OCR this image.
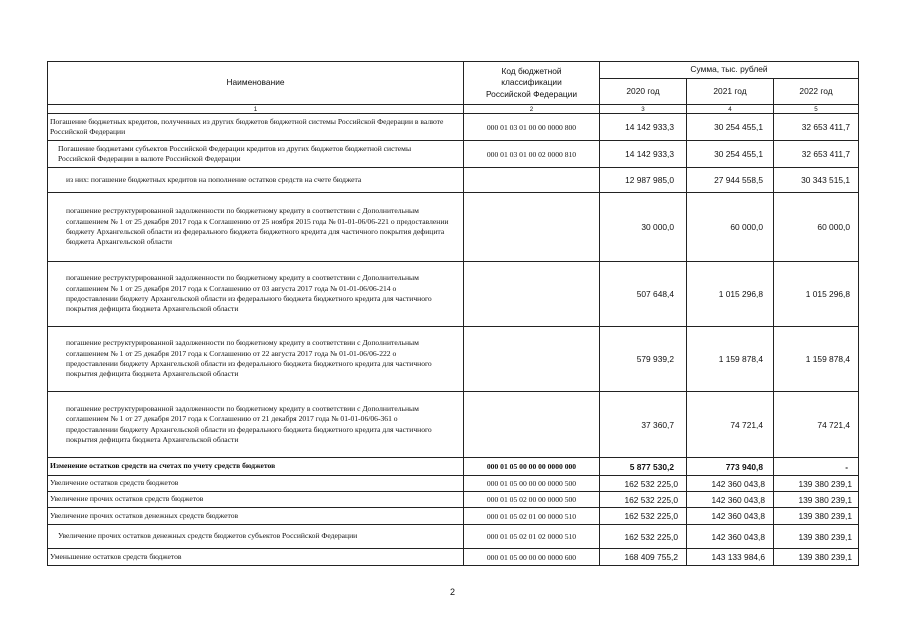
Наименование	Код бюджетной классификации Российской Федерации	Сумма, тыс. рублей		
		2020 год	2021 год	2022 год
1	2	3	4	5
Погашение бюджетных кредитов, полученных из других бюджетов бюджетной системы Российской Федерации в валюте Российской Федерации	000 01 03 01 00 00 0000 800	14 142 933,3	30 254 455,1	32 653 411,7
Погашение бюджетами субъектов Российской Федерации кредитов из других бюджетов бюджетной системы Российской Федерации в валюте Российской Федерации	000 01 03 01 00 02 0000 810	14 142 933,3	30 254 455,1	32 653 411,7
из них: погашение бюджетных кредитов на пополнение остатков средств на счете бюджета		12 987 985,0	27 944 558,5	30 343 515,1
погашение реструктурированной задолженности по бюджетному кредиту в соответствии с Дополнительным соглашением № 1 от 25 декабря 2017 года к Соглашению от 25 ноября 2015 года № 01-01-06/06-221 о предоставлении бюджету Архангельской области из федерального бюджета бюджетного кредита для частичного покрытия дефицита бюджета Архангельской области		30 000,0	60 000,0	60 000,0
погашение реструктурированной задолженности по бюджетному кредиту в соответствии с Дополнительным соглашением № 1 от 25 декабря 2017 года к Соглашению от 03 августа 2017 года № 01-01-06/06-214 о предоставлении бюджету Архангельской области из федерального бюджета бюджетного кредита для частичного покрытия дефицита бюджета Архангельской области		507 648,4	1 015 296,8	1 015 296,8
погашение реструктурированной задолженности по бюджетному кредиту в соответствии с Дополнительным соглашением № 1 от 25 декабря 2017 года к Соглашению от 22 августа 2017 года № 01-01-06/06-222 о предоставлении бюджету Архангельской области из федерального бюджета бюджетного кредита для частичного покрытия дефицита бюджета Архангельской области		579 939,2	1 159 878,4	1 159 878,4
погашение реструктурированной задолженности по бюджетному кредиту в соответствии с Дополнительным соглашением № 1 от 27 декабря 2017 года к Соглашению от 21 декабря 2017 года № 01-01-06/06-361 о предоставлении бюджету Архангельской области из федерального бюджета бюджетного кредита для частичного покрытия дефицита бюджета Архангельской области		37 360,7	74 721,4	74 721,4
Изменение остатков средств на счетах по учету средств бюджетов	000 01 05 00 00 00 0000 000	5 877 530,2	773 940,8	-
Увеличение остатков средств бюджетов	000 01 05 00 00 00 0000 500	162 532 225,0	142 360 043,8	139 380 239,1
Увеличение прочих остатков средств бюджетов	000 01 05 02 00 00 0000 500	162 532 225,0	142 360 043,8	139 380 239,1
Увеличение прочих остатков денежных средств бюджетов	000 01 05 02 01 00 0000 510	162 532 225,0	142 360 043,8	139 380 239,1
Увеличение прочих остатков денежных средств бюджетов субъектов Российской Федерации	000 01 05 02 01 02 0000 510	162 532 225,0	142 360 043,8	139 380 239,1
Уменьшение остатков средств бюджетов	000 01 05 00 00 00 0000 600	168 409 755,2	143 133 984,6	139 380 239,1
2
